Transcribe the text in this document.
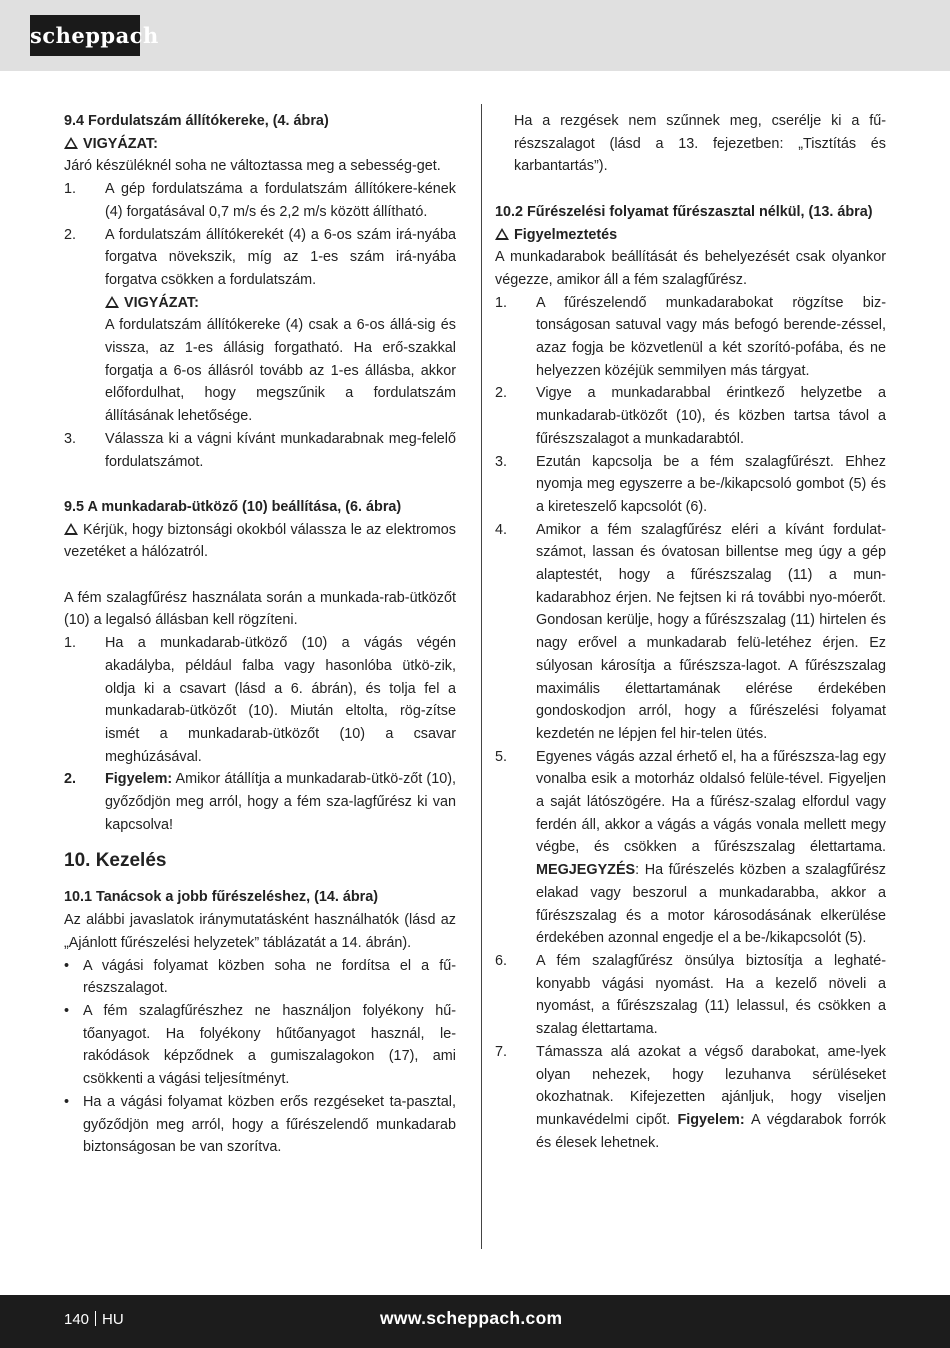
scheppach

9.4 Fordulatszám állítókereke, (4. ábra)

VIGYÁZAT:

Járó készüléknél soha ne változtassa meg a sebesség-get.

1. A gép fordulatszáma a fordulatszám állítókere-kének (4) forgatásával 0,7 m/s és 2,2 m/s között állítható.
2. A fordulatszám állítókerekét (4) a 6-os szám irá-nyába forgatva növekszik, míg az 1-es szám irá-nyába forgatva csökken a fordulatszám.
VIGYÁZAT:
A fordulatszám állítókereke (4) csak a 6-os állá-sig és vissza, az 1-es állásig forgatható. Ha erő-szakkal forgatja a 6-os állásról tovább az 1-es állásba, akkor előfordulhat, hogy megszűnik a fordulatszám állításának lehetősége.
3. Válassza ki a vágni kívánt munkadarabnak meg-felelő fordulatszámot.

9.5 A munkadarab-ütköző (10) beállítása, (6. ábra)

Kérjük, hogy biztonsági okokból válassza le az elektromos vezetéket a hálózatról.

A fém szalagfűrész használata során a munkada-rab-ütközőt (10) a legalsó állásban kell rögzíteni.

1. Ha a munkadarab-ütköző (10) a vágás végén akadályba, például falba vagy hasonlóba ütkö-zik, oldja ki a csavart (lásd a 6. ábrán), és tolja fel a munkadarab-ütközőt (10). Miután eltolta, rög-zítse ismét a munkadarab-ütközőt (10) a csavar meghúzásával.
2. Figyelem: Amikor átállítja a munkadarab-ütkö-zőt (10), győződjön meg arról, hogy a fém sza-lagfűrész ki van kapcsolva!
10. Kezelés

10.1 Tanácsok a jobb fűrészeléshez, (14. ábra)

Az alábbi javaslatok iránymutatásként használhatók (lásd az „Ajánlott fűrészelési helyzetek” táblázatát a 14. ábrán).

• A vágási folyamat közben soha ne fordítsa el a fű-részszalagot.
• A fém szalagfűrészhez ne használjon folyékony hű-tőanyagot. Ha folyékony hűtőanyagot használ, le-rakódások képződnek a gumiszalagokon (17), ami csökkenti a vágási teljesítményt.
• Ha a vágási folyamat közben erős rezgéseket ta-pasztal, győződjön meg arról, hogy a fűrészelendő munkadarab biztonságosan be van szorítva.
Ha a rezgések nem szűnnek meg, cserélje ki a fű-részszalagot (lásd a 13. fejezetben: „Tisztítás és karbantartás”).

10.2 Fűrészelési folyamat fűrészasztal nélkül, (13. ábra)

Figyelmeztetés

A munkadarabok beállítását és behelyezését csak olyankor végezze, amikor áll a fém szalagfűrész.

1. A fűrészelendő munkadarabokat rögzítse biz-tonságosan satuval vagy más befogó berende-zéssel, azaz fogja be közvetlenül a két szorító-pofába, és ne helyezzen közéjük semmilyen más tárgyat.
2. Vigye a munkadarabbal érintkező helyzetbe a munkadarab-ütközőt (10), és közben tartsa távol a fűrészszalagot a munkadarabtól.
3. Ezután kapcsolja be a fém szalagfűrészt. Ehhez nyomja meg egyszerre a be-/kikapcsoló gombot (5) és a kireteszelő kapcsolót (6).
4. Amikor a fém szalagfűrész eléri a kívánt fordulat-számot, lassan és óvatosan billentse meg úgy a gép alaptestét, hogy a fűrészszalag (11) a mun-kadarabhoz érjen. Ne fejtsen ki rá további nyo-móerőt. Gondosan kerülje, hogy a fűrészszalag (11) hirtelen és nagy erővel a munkadarab felü-letéhez érjen. Ez súlyosan károsítja a fűrészsza-lagot. A fűrészszalag maximális élettartamának elérése érdekében gondoskodjon arról, hogy a fűrészelési folyamat kezdetén ne lépjen fel hir-telen ütés.
5. Egyenes vágás azzal érhető el, ha a fűrészsza-lag egy vonalba esik a motorház oldalsó felüle-tével. Figyeljen a saját látószögére. Ha a fűrész-szalag elfordul vagy ferdén áll, akkor a vágás a vágás vonala mellett megy végbe, és csökken a fűrészszalag élettartama. MEGJEGYZÉS: Ha fűrészelés közben a szalagfűrész elakad vagy beszorul a munkadarabba, akkor a fűrészszalag és a motor károsodásának elkerülése érdekében azonnal engedje el a be-/kikapcsolót (5).
6. A fém szalagfűrész önsúlya biztosítja a leghaté-konyabb vágási nyomást. Ha a kezelő növeli a nyomást, a fűrészszalag (11) lelassul, és csökken a szalag élettartama.
7. Támassza alá azokat a végső darabokat, ame-lyek olyan nehezek, hogy lezuhanva sérüléseket okozhatnak. Kifejezetten ajánljuk, hogy viseljen munkavédelmi cipőt. Figyelem: A végdarabok forrók és élesek lehetnek.
140 HU	www.scheppach.com
